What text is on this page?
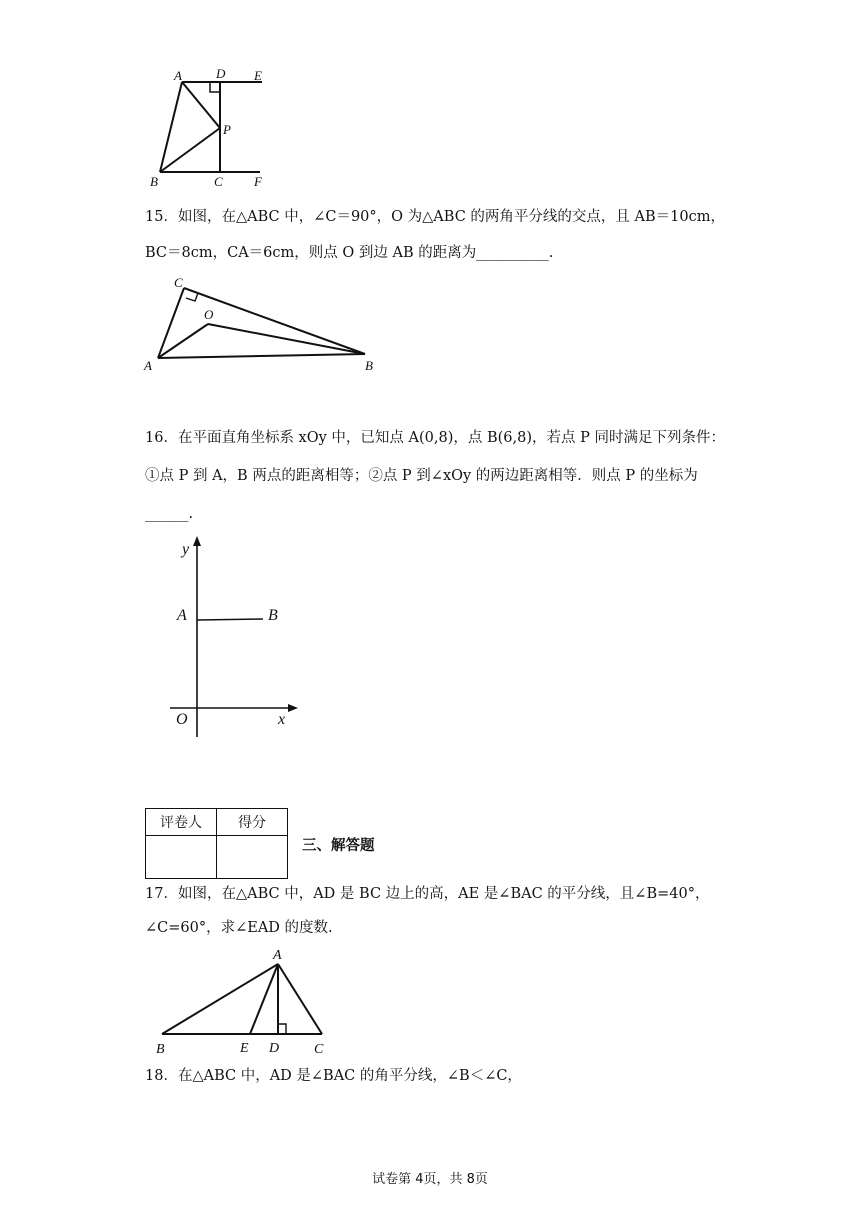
A	D E
P
B	C F
15．如图，在△ABC 中，∠C＝90°，O 为△ABC 的两角平分线的交点，且 AB＝10cm，
BC＝8cm，CA＝6cm，则点 O 到边 AB 的距离为__________.
C
O
A	B
16．在平面直角坐标系 xOy 中，已知点 A(0,8)，点 B(6,8)，若点 P 同时满足下列条件：
①点 P 到 A，B 两点的距离相等；②点 P 到∠xOy 的两边距离相等．则点 P 的坐标为
______.
y
A	B
O	x
评卷人	得分

三、解答题
17．如图，在△ABC 中，AD 是 BC 边上的高，AE 是∠BAC 的平分线，且∠B=40°，
∠C=60°，求∠EAD 的度数.
A
B	E D C
18．在△ABC 中，AD 是∠BAC 的角平分线，∠B＜∠C，
试卷第 4页，共 8页
